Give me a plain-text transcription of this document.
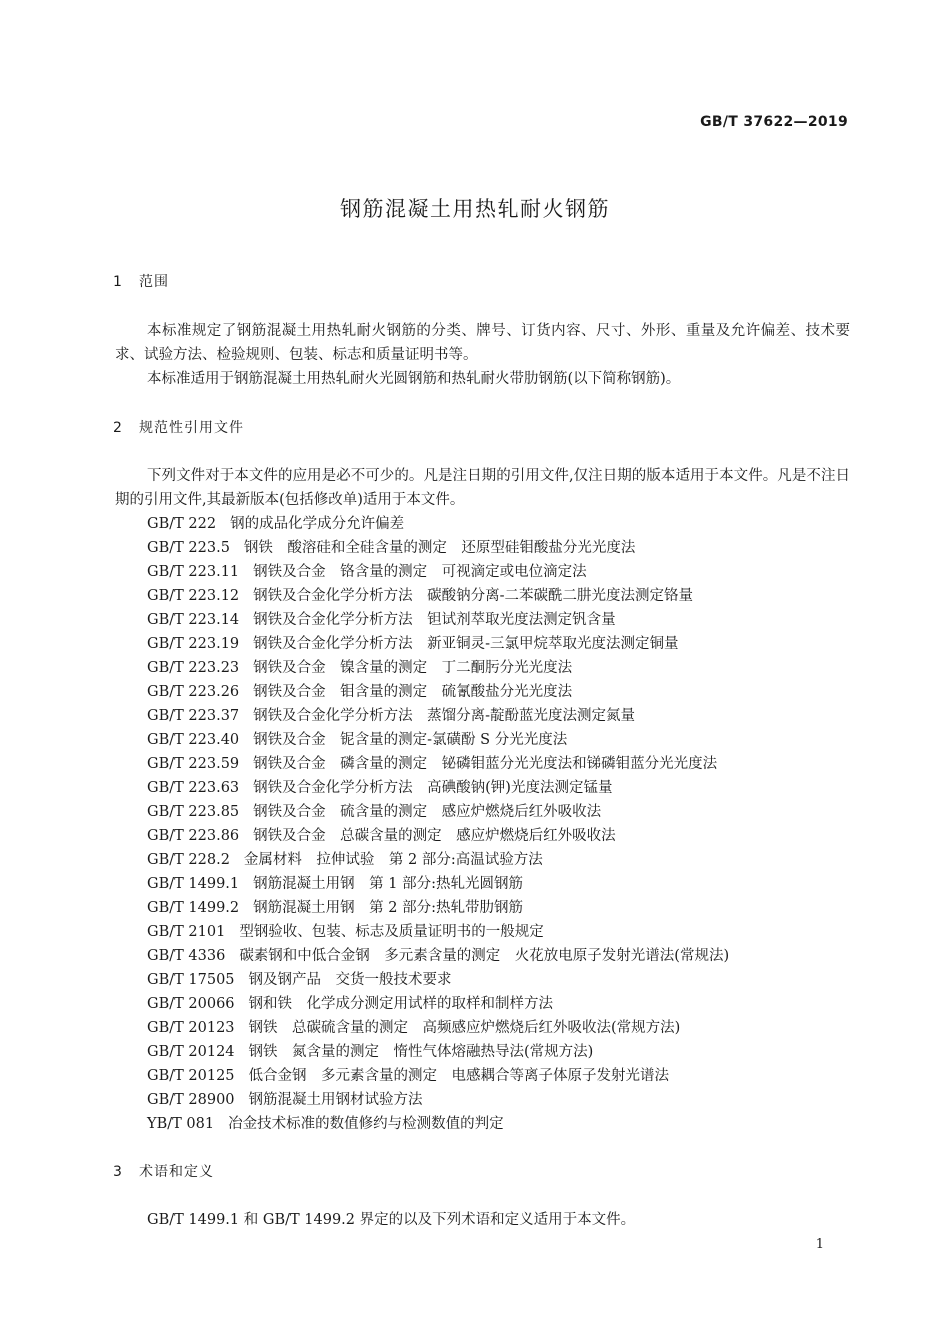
GB/T 37622—2019
钢筋混凝土用热轧耐火钢筋
1 范围
本标准规定了钢筋混凝土用热轧耐火钢筋的分类、牌号、订货内容、尺寸、外形、重量及允许偏差、技术要求、试验方法、检验规则、包装、标志和质量证明书等。
本标准适用于钢筋混凝土用热轧耐火光圆钢筋和热轧耐火带肋钢筋(以下简称钢筋)。
2 规范性引用文件
下列文件对于本文件的应用是必不可少的。凡是注日期的引用文件,仅注日期的版本适用于本文件。凡是不注日期的引用文件,其最新版本(包括修改单)适用于本文件。
GB/T 222 钢的成品化学成分允许偏差
GB/T 223.5 钢铁　酸溶硅和全硅含量的测定　还原型硅钼酸盐分光光度法
GB/T 223.11 钢铁及合金　铬含量的测定　可视滴定或电位滴定法
GB/T 223.12 钢铁及合金化学分析方法　碳酸钠分离-二苯碳酰二肼光度法测定铬量
GB/T 223.14 钢铁及合金化学分析方法　钽试剂萃取光度法测定钒含量
GB/T 223.19 钢铁及合金化学分析方法　新亚铜灵-三氯甲烷萃取光度法测定铜量
GB/T 223.23 钢铁及合金　镍含量的测定　丁二酮肟分光光度法
GB/T 223.26 钢铁及合金　钼含量的测定　硫氰酸盐分光光度法
GB/T 223.37 钢铁及合金化学分析方法　蒸馏分离-靛酚蓝光度法测定氮量
GB/T 223.40 钢铁及合金　铌含量的测定-氯磺酚 S 分光光度法
GB/T 223.59 钢铁及合金　磷含量的测定　铋磷钼蓝分光光度法和锑磷钼蓝分光光度法
GB/T 223.63 钢铁及合金化学分析方法　高碘酸钠(钾)光度法测定锰量
GB/T 223.85 钢铁及合金　硫含量的测定　感应炉燃烧后红外吸收法
GB/T 223.86 钢铁及合金　总碳含量的测定　感应炉燃烧后红外吸收法
GB/T 228.2 金属材料　拉伸试验　第 2 部分:高温试验方法
GB/T 1499.1 钢筋混凝土用钢　第 1 部分:热轧光圆钢筋
GB/T 1499.2 钢筋混凝土用钢　第 2 部分:热轧带肋钢筋
GB/T 2101 型钢验收、包装、标志及质量证明书的一般规定
GB/T 4336 碳素钢和中低合金钢　多元素含量的测定　火花放电原子发射光谱法(常规法)
GB/T 17505 钢及钢产品　交货一般技术要求
GB/T 20066 钢和铁　化学成分测定用试样的取样和制样方法
GB/T 20123 钢铁　总碳硫含量的测定　高频感应炉燃烧后红外吸收法(常规方法)
GB/T 20124 钢铁　氮含量的测定　惰性气体熔融热导法(常规方法)
GB/T 20125 低合金钢　多元素含量的测定　电感耦合等离子体原子发射光谱法
GB/T 28900 钢筋混凝土用钢材试验方法
YB/T 081 冶金技术标准的数值修约与检测数值的判定
3 术语和定义
GB/T 1499.1 和 GB/T 1499.2 界定的以及下列术语和定义适用于本文件。
1
